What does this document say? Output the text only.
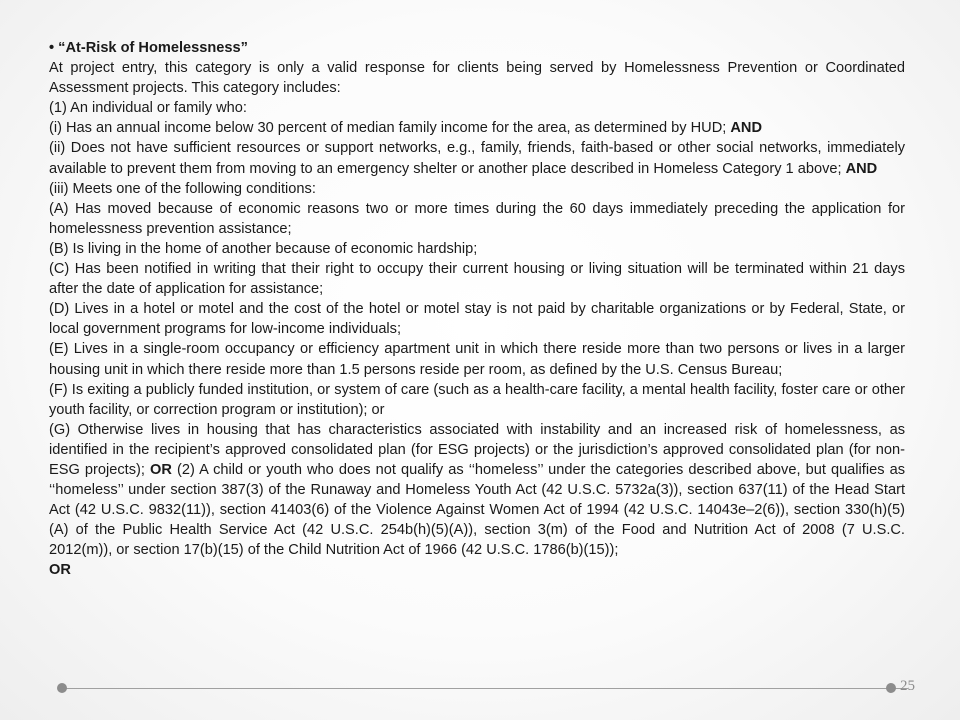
• “At-Risk of Homelessness”

At project entry, this category is only a valid response for clients being served by Homelessness Prevention or Coordinated Assessment projects. This category includes:

(1) An individual or family who:

(i) Has an annual income below 30 percent of median family income for the area, as determined by HUD; AND

(ii) Does not have sufficient resources or support networks, e.g., family, friends, faith-based or other social networks, immediately available to prevent them from moving to an emergency shelter or another place described in Homeless Category 1 above; AND

(iii) Meets one of the following conditions:

(A) Has moved because of economic reasons two or more times during the 60 days immediately preceding the application for homelessness prevention assistance;

(B) Is living in the home of another because of economic hardship;

(C) Has been notified in writing that their right to occupy their current housing or living situation will be terminated within 21 days after the date of application for assistance;

(D) Lives in a hotel or motel and the cost of the hotel or motel stay is not paid by charitable organizations or by Federal, State, or local government programs for low-income individuals;

(E) Lives in a single-room occupancy or efficiency apartment unit in which there reside more than two persons or lives in a larger housing unit in which there reside more than 1.5 persons reside per room, as defined by the U.S. Census Bureau;

(F) Is exiting a publicly funded institution, or system of care (such as a health-care facility, a mental health facility, foster care or other youth facility, or correction program or institution); or

(G) Otherwise lives in housing that has characteristics associated with instability and an increased risk of homelessness, as identified in the recipient’s approved consolidated plan (for ESG projects) or the jurisdiction’s approved consolidated plan (for non-ESG projects); OR (2) A child or youth who does not qualify as ‘‘homeless’’ under the categories described above, but qualifies as ‘‘homeless’’ under section 387(3) of the Runaway and Homeless Youth Act (42 U.S.C. 5732a(3)), section 637(11) of the Head Start Act (42 U.S.C. 9832(11)), section 41403(6) of the Violence Against Women Act of 1994 (42 U.S.C. 14043e–2(6)), section 330(h)(5)(A) of the Public Health Service Act (42 U.S.C. 254b(h)(5)(A)), section 3(m) of the Food and Nutrition Act of 2008 (7 U.S.C. 2012(m)), or section 17(b)(15) of the Child Nutrition Act of 1966 (42 U.S.C. 1786(b)(15));

OR

25
